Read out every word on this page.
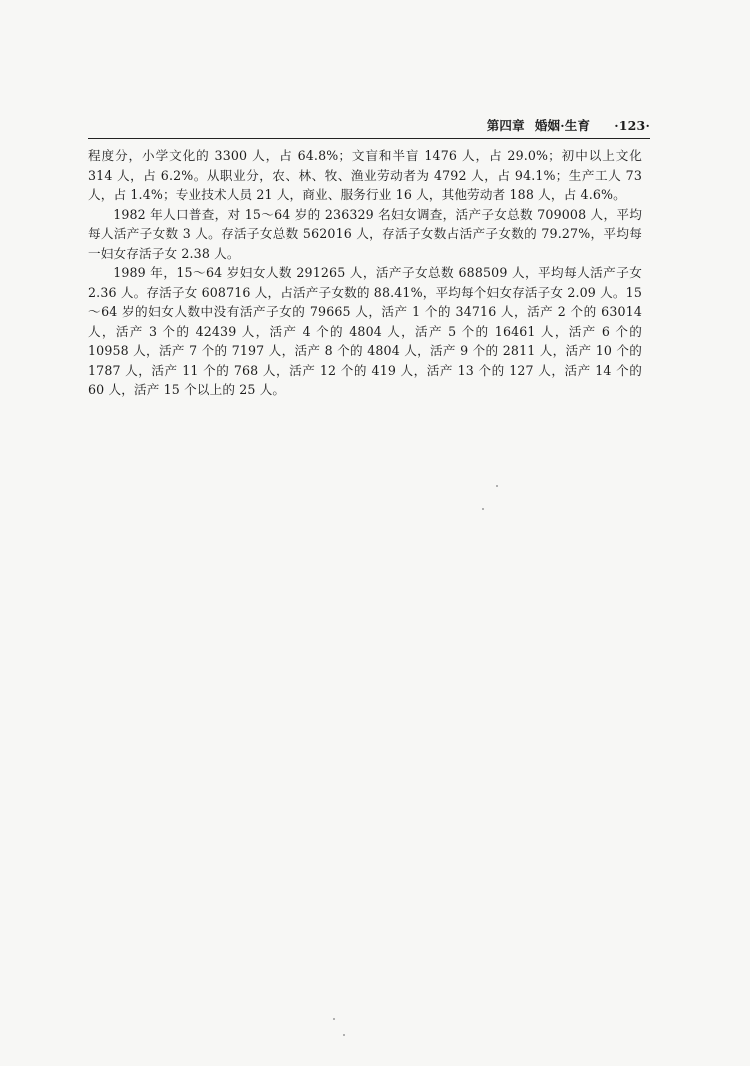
第四章 婚姻·生育 ·123·

程度分，小学文化的 3300 人，占 64.8%；文盲和半盲 1476 人，占 29.0%；初中以上文化 314 人，占 6.2%。从职业分，农、林、牧、渔业劳动者为 4792 人，占 94.1%；生产工人 73 人，占 1.4%；专业技术人员 21 人，商业、服务行业 16 人，其他劳动者 188 人，占 4.6%。

1982 年人口普查，对 15～64 岁的 236329 名妇女调查，活产子女总数 709008 人，平均每人活产子女数 3 人。存活子女总数 562016 人，存活子女数占活产子女数的 79.27%，平均每一妇女存活子女 2.38 人。

1989 年，15～64 岁妇女人数 291265 人，活产子女总数 688509 人，平均每人活产子女2.36 人。存活子女 608716 人，占活产子女数的 88.41%，平均每个妇女存活子女 2.09 人。15～64 岁的妇女人数中没有活产子女的 79665 人，活产 1 个的 34716 人，活产 2 个的 63014 人，活产 3 个的 42439 人，活产 4 个的 4804 人，活产 5 个的 16461 人，活产 6 个的 10958 人，活产 7 个的 7197 人，活产 8 个的 4804 人，活产 9 个的 2811 人，活产 10 个的 1787 人，活产 11 个的 768 人，活产 12 个的 419 人，活产 13 个的 127 人，活产 14 个的 60 人，活产 15 个以上的 25 人。
